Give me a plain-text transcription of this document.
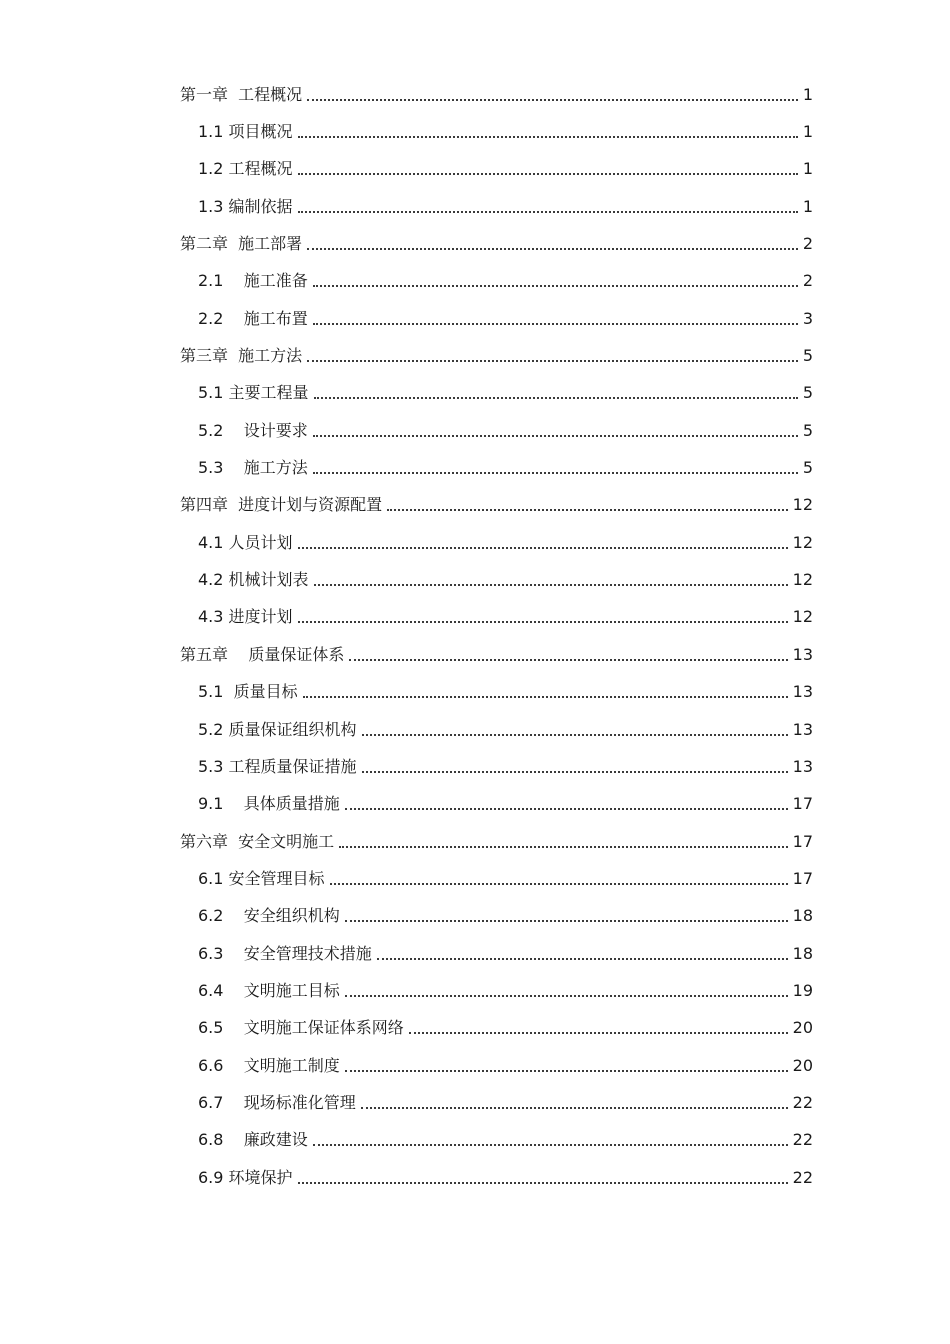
第一章  工程概况	1
1.1 项目概况	1
1.2 工程概况	1
1.3 编制依据	1
第二章  施工部署	2
2.1    施工准备	2
2.2    施工布置	3
第三章  施工方法	5
5.1 主要工程量	5
5.2    设计要求	5
5.3    施工方法	5
第四章  进度计划与资源配置	12
4.1 人员计划	12
4.2 机械计划表	12
4.3 进度计划	12
第五章    质量保证体系	13
5.1  质量目标	13
5.2 质量保证组织机构	13
5.3 工程质量保证措施	13
9.1    具体质量措施	17
第六章  安全文明施工	17
6.1 安全管理目标	17
6.2    安全组织机构	18
6.3    安全管理技术措施	18
6.4    文明施工目标	19
6.5    文明施工保证体系网络	20
6.6    文明施工制度	20
6.7    现场标准化管理	22
6.8    廉政建设	22
6.9 环境保护	22
